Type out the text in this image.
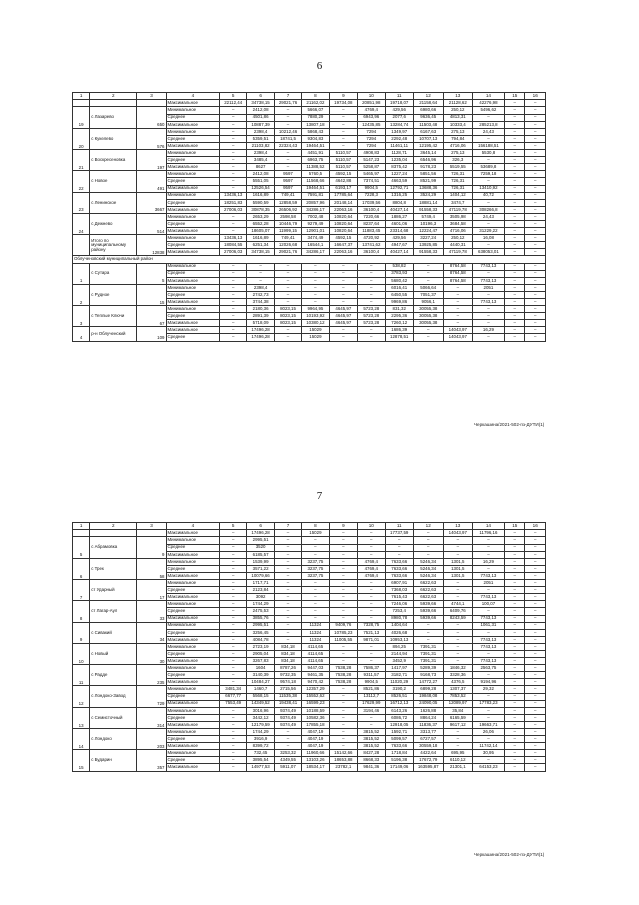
6
1	2	3	4	5	6	7	8	9	10	11	12	13	14	15	16
			Максимальное	22112,44	34738,15	29021,76	21162,02	19734,08	20851,98	19718,07	21158,64	21128,62	42276,98	–	–
19	с Лазарево	650	Минимальное	–	2412,08	–	5666,07	–	4769,4	429,56	6980,66	250,12	5496,62	–	–
			Среднее	–	4501,86	–	7880,29	–	6943,96	2077,6	9636,45	4813,31	–	–	–
			Максимальное	–	10887,39	–	13807,18	–	12435,85	13284,74	11503,48	10333,4	285213,8	–	–
20	с Кукелево	576	Минимальное	–	2398,4	10212,46	5868,43	–	7294	1349,97	6167,63	275,13	24,43	–	–
			Среднее	–	5359,51	18741,5	9304,83	–	7294	2292,48	10707,13	794,84	–	–	–
			Максимальное	–	21103,82	22324,43	19464,51	–	7294	11461,11	12195,42	4716,06	156188,51	–	–
21	с Воскресеновка	197	Минимальное	–	2398,4	–	4451,91	5110,57	4908,83	1128,71	3645,14	275,13	5530,8	–	–
			Среднее	–	3485,4	–	6963,75	5110,57	5147,23	1235,04	6546,96	326,3	–	–	–
			Максимальное	–	8627	–	11388,52	5110,57	5258,87	8375,42	9178,23	5519,55	53689,8	–	–
22	с Новое	491	Минимальное	–	2412,08	9597	5760,5	4592,15	5465,97	1227,24	5851,56	726,31	7259,18	–	–
			Среднее	–	5551,05	9597	11568,66	4642,88	7374,51	4663,59	8521,99	726,31	–	–	–
			Максимальное	–	12526,54	9597	19464,51	6193,17	9904,5	12792,71	13688,36	726,31	13410,92	–	–
23	с Ленинское	3667	Минимальное	13436,13	1616,89	749,41	7591,81	17785,64	7228,3	1316,25	3524,29	1404,12	40,72	–	–
			Среднее	18251,83	5590,59	12858,59	20857,96	20148,14	17039,56	8804,8	18881,14	3474,7	–	–	–
			Максимальное	27006,03	30878,35	26506,92	34286,17	22063,16	36100,4	40427,14	91558,33	47119,78	308266,8	–	–
24	с Дежнево	514	Минимальное	–	2653,29	2598,58	7002,48	10820,64	7220,66	1886,27	5749,4	3505,98	24,43	–	–
			Среднее	–	6552,28	10446,79	9279,49	10820,64	8237,64	4601,06	10196,3	3684,58	–	–	–
			Максимальное	–	18605,07	11999,15	12901,01	10820,64	11883,45	23314,68	12224,47	4716,06	31229,22	–	–
	Итого по муниципальному району	12838	Минимальное	13436,13	1616,89	749,41	3474,49	4592,15	4720,92	429,56	3227,24	250,12	16,08	–	–
			Среднее	18084,55	6251,34	12026,68	16544,1	16647,37	13741,62	4947,67	13925,85	4440,31	–	–	–
			Максимальное	27006,03	34738,15	29021,76	34286,17	22063,16	36100,4	40427,14	91558,33	47119,78	638053,01	–	–
Облученовский муниципальный район															
1	с Сутара	5	Минимальное	–	–	–	–	–	–	538,82	–	8764,58	7743,13	–	–
			Среднее	–	–	–	–	–	–	3783,93	–	8764,58	–	–	–
			Максимальное	–	–	–	–	–	–	5680,42	–	8764,58	7743,13	–	–
2	с Рудное	15	Минимальное	–	2398,4	–	–	–	–	6016,41	5066,64	–	2051	–	–
			Среднее	–	2742,73	–	–	–	–	6450,55	7051,37	–	–	–	–
			Максимальное	–	3744,38	–	–	–	–	9969,86	9056,1	–	7743,13	–	–
3	с Теплые Ключи	67	Минимальное	–	2180,36	8023,15	9964,95	4645,97	5723,28	831,32	30055,38	–	–	–	–
			Среднее	–	2891,39	8023,15	10193,92	4645,97	5723,28	2295,36	30055,38	–	–	–	–
			Максимальное	–	5718,09	8023,15	10380,12	4645,97	5723,28	7260,12	30055,38	–	–	–	–
4	р-н Облученский	109	Максимальное	–	17496,28	–	15029	–	–	1686,39	–	14043,97	16,29	–	–
			Среднее	–	17496,28	–	15029	–	–	12878,51	–	14043,97	–	–	–
Черкашина/2021-502-пз-ДУТИ(1)
7
1	2	3	4	5	6	7	8	9	10	11	12	13	14	15	16
			Максимальное	–	17496,28	–	15029	–	–	17737,59	–	14043,97	11796,16	–	–
5	с Абрамовка	9	Минимальное	–	2995,51	–	–	–	–	–	–	–	–	–	–
			Среднее	–	3520	–	–	–	–	–	–	–	–	–	–
			Максимальное	–	6185,57	–	–	–	–	–	–	–	–	–	–
6	с Трек	58	Минимальное	–	1539,99	–	3237,75	–	4769,4	7633,66	5246,34	1301,5	16,29	–	–
			Среднее	–	3571,22	–	3237,75	–	4769,4	7633,66	5246,34	1301,5	–	–	–
			Максимальное	–	10079,66	–	3237,75	–	4769,4	7633,66	5246,34	1301,5	7743,13	–	–
7	ст Ударный	17	Минимальное	–	1717,71	–	–	–	–	6907,91	6622,63	–	2051	–	–
			Среднее	–	2123,84	–	–	–	–	7368,03	6622,63	–	–	–	–
			Максимальное	–	3092	–	–	–	–	7615,43	6622,63	–	7743,13	–	–
8	ст Лагар-Аул	33	Минимальное	–	1744,29	–	–	–	–	7246,06	5939,66	4744,1	100,07	–	–
			Среднее	–	2475,53	–	–	–	–	7253,4	5939,66	6409,76	–	–	–
			Максимальное	–	3855,76	–	–	–	–	8980,78	5939,66	8243,59	7743,13	–	–
9	с Сивакий	34	Минимальное	–	2995,51	–	11324	9409,76	7328,75	1404,64	–	–	1061,31	–	–
			Среднее	–	3256,45	–	11324	10785,23	7521,13	4026,68	–	–	–	–	–
			Максимальное	–	4084,78	–	11324	11005,55	9871,01	10953,13	–	–	7743,13	–	–
10	с Новый	30	Минимальное	–	2723,19	834,18	4114,65	–	–	894,25	7391,31	–	7743,13	–	–
			Среднее	–	2905,04	834,18	4114,65	–	–	2144,94	7391,31	–	–	–	–
			Максимальное	–	3267,83	834,18	4114,65	–	–	3452,9	7391,31	–	7743,13	–	–
11	с Радде	235	Минимальное	–	1604	8787,26	9447,03	7538,28	7586,37	1417,97	5289,39	1846,32	2563,75	–	–
			Среднее	–	3140,39	9732,35	9461,35	7538,28	9311,57	3182,71	9168,73	3328,36	–	–	–
			Максимальное	–	10484,27	9574,18	9470,42	7538,28	9904,5	11020,29	14772,27	4376,5	9194,96	–	–
12	с Лондоко-Завод	729	Минимальное	3481,34	1460,7	2715,56	12357,29	–	8521,86	3190,2	6899,28	1307,37	29,32	–	–
			Среднее	6677,77	5568,15	11535,38	15552,62	–	13112,7	8526,51	19848,08	7853,52	–	–	–
			Максимальное	7553,49	14349,52	19438,41	16599,23	–	17629,99	16712,13	24090,05	12089,97	17783,23	–	–
13	с Семисточный	314	Минимальное	–	3016,96	9374,49	10188,59	–	3194,46	6143,26	1626,88	35,84	–	–	–
			Среднее	–	3442,12	9374,49	10582,36	–	–	6086,72	8864,24	6165,59	–	–	–
			Максимальное	–	12179,59	9374,49	17855,18	–	–	12918,05	11836,37	9617,12	19663,71	–	–
14	с Лондоко	203	Минимальное	–	1744,29	–	4047,19	–	3815,52	1592,71	3313,77	–	26,06	–	–
			Среднее	–	3916,9	–	4047,19	–	3815,52	5099,57	6727,57	–	–	–	–
			Максимальное	–	8399,72	–	4047,19	–	3815,52	7633,66	30559,18	–	11742,14	–	–
15	с Бударин	357	Минимальное	–	732,45	3253,32	11960,66	15142,66	8427,28	1718,84	4422,64	695,95	30,95	–	–
			Среднее	–	3895,54	4349,55	13103,26	18653,88	8668,33	5196,38	17672,79	6110,12	–	–	–
			Максимальное	–	14977,53	5911,07	18534,17	23782,1	9841,36	17149,06	163595,87	21301,1	64153,23	–	–
Черкашина/2021-502-пз-ДУТИ(1)
